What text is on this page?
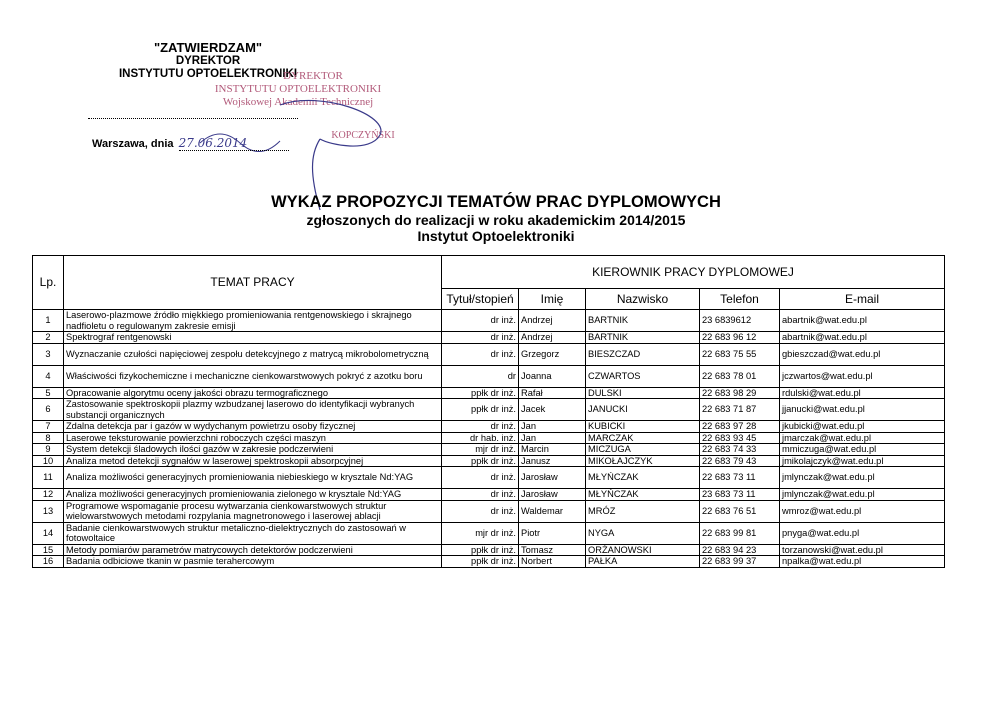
"ZATWIERDZAM"
DYREKTOR
INSTYTUTU OPTOELEKTRONIKI
DYREKTOR
INSTYTUTU OPTOELEKTRONIKI
Wojskowej Akademii Technicznej
KOPCZYŃSKI
Warszawa, dnia 27.06.2014
WYKAZ PROPOZYCJI TEMATÓW PRAC DYPLOMOWYCH
zgłoszonych do realizacji w roku akademickim 2014/2015
Instytut Optoelektroniki
Lp.	TEMAT PRACY	KIEROWNIK PRACY DYPLOMOWEJ				
		Tytuł/stopień	Imię	Nazwisko	Telefon	E-mail
1	Laserowo-plazmowe źródło miękkiego promieniowania rentgenowskiego i skrajnego nadfioletu o regulowanym zakresie emisji	dr inż.	Andrzej	BARTNIK	23 6839612	abartnik@wat.edu.pl
2	Spektrograf rentgenowski	dr inż.	Andrzej	BARTNIK	22 683 96 12	abartnik@wat.edu.pl
3	Wyznaczanie czułości napięciowej zespołu detekcyjnego z matrycą mikrobolometryczną	dr inż.	Grzegorz	BIESZCZAD	22 683 75 55	gbieszczad@wat.edu.pl
4	Właściwości fizykochemiczne i mechaniczne cienkowarstwowych pokryć z azotku boru	dr	Joanna	CZWARTOS	22 683 78 01	jczwartos@wat.edu.pl
5	Opracowanie algorytmu oceny jakości obrazu termograficznego	ppłk dr inż.	Rafał	DULSKI	22 683 98 29	rdulski@wat.edu.pl
6	Zastosowanie spektroskopii plazmy wzbudzanej laserowo do identyfikacji wybranych substancji organicznych	ppłk dr inż.	Jacek	JANUCKI	22 683 71 87	jjanucki@wat.edu.pl
7	Zdalna detekcja par i gazów w wydychanym powietrzu osoby fizycznej	dr inż.	Jan	KUBICKI	22 683 97 28	jkubicki@wat.edu.pl
8	Laserowe teksturowanie powierzchni roboczych części maszyn	dr hab. inż.	Jan	MARCZAK	22 683 93 45	jmarczak@wat.edu.pl
9	System detekcji śladowych ilości gazów w zakresie podczerwieni	mjr dr inż.	Marcin	MICZUGA	22 683 74 33	mmiczuga@wat.edu.pl
10	Analiza metod detekcji sygnałów w laserowej spektroskopii absorpcyjnej	ppłk dr inż.	Janusz	MIKOŁAJCZYK	22 683 79 43	jmikolajczyk@wat.edu.pl
11	Analiza możliwości generacyjnych promieniowania niebieskiego w krysztale Nd:YAG	dr inż.	Jarosław	MŁYŃCZAK	22 683 73 11	jmlynczak@wat.edu.pl
12	Analiza możliwości generacyjnych promieniowania zielonego w krysztale Nd:YAG	dr inż.	Jarosław	MŁYŃCZAK	23 683 73 11	jmlynczak@wat.edu.pl
13	Programowe wspomaganie procesu wytwarzania cienkowarstwowych struktur wielowarstwowych metodami rozpylania magnetronowego i laserowej ablacji	dr inż.	Waldemar	MRÓZ	22 683 76 51	wmroz@wat.edu.pl
14	Badanie cienkowarstwowych struktur metaliczno-dielektrycznych do zastosowań w fotowoltaice	mjr dr inż.	Piotr	NYGA	22 683 99 81	pnyga@wat.edu.pl
15	Metody pomiarów parametrów matrycowych detektorów podczerwieni	ppłk dr inż.	Tomasz	ORŻANOWSKI	22 683 94 23	torzanowski@wat.edu.pl
16	Badania odbiciowe tkanin w pasmie terahercowym	ppłk dr inż.	Norbert	PAŁKA	22 683 99 37	npalka@wat.edu.pl
